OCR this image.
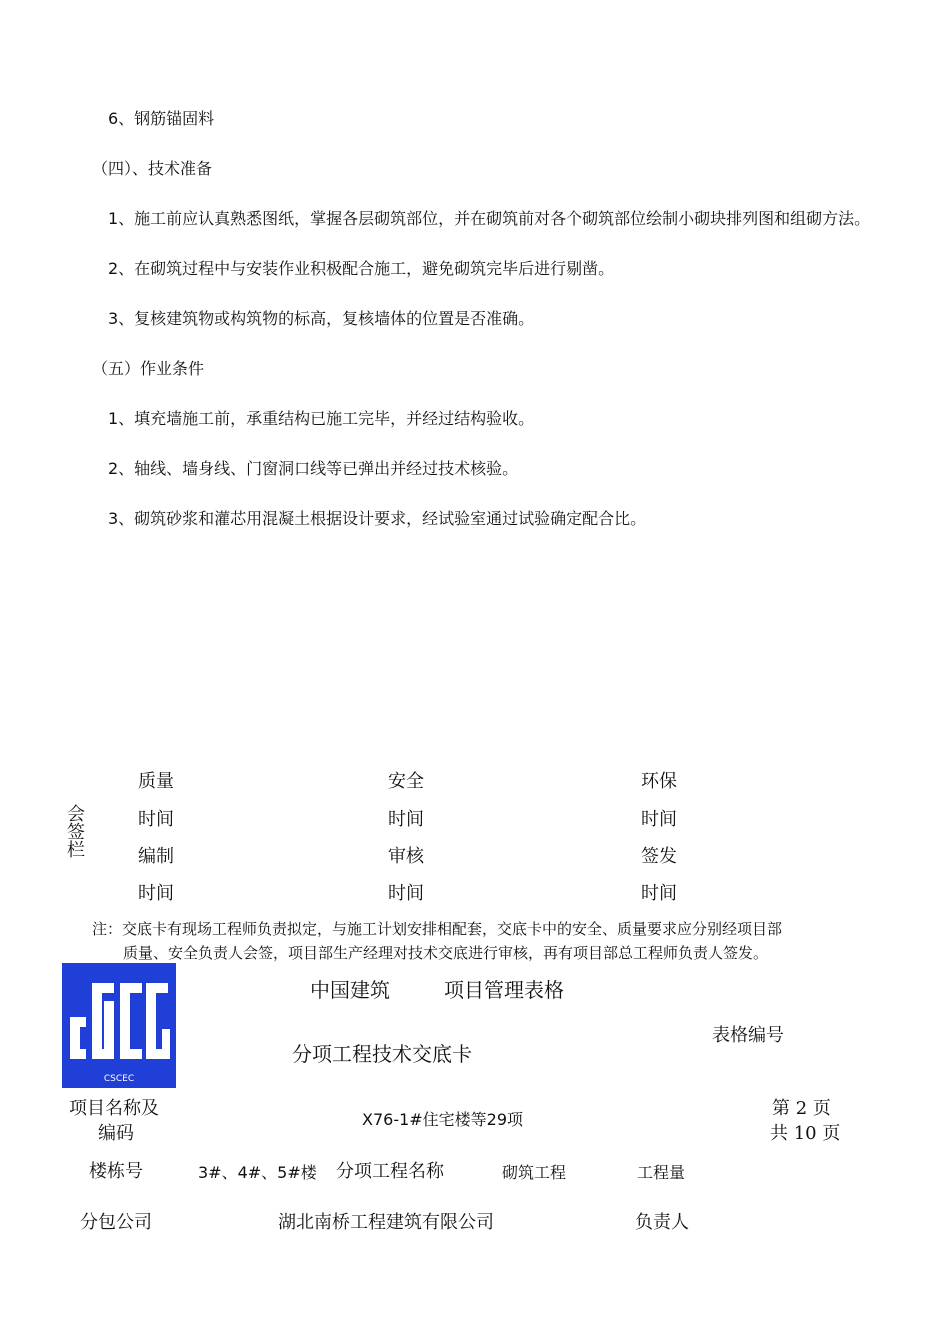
6、钢筋锚固料
（四）、技术准备
1、施工前应认真熟悉图纸，掌握各层砌筑部位，并在砌筑前对各个砌筑部位绘制小砌块排列图和组砌方法。
2、在砌筑过程中与安装作业积极配合施工，避免砌筑完毕后进行剔凿。
3、复核建筑物或构筑物的标高，复核墙体的位置是否准确。
（五）作业条件
1、填充墙施工前，承重结构已施工完毕，并经过结构验收。
2、轴线、墙身线、门窗洞口线等已弹出并经过技术核验。
3、砌筑砂浆和灌芯用混凝土根据设计要求，经试验室通过试验确定配合比。
会签栏
质量	安全	环保
时间	时间	时间
编制	审核	签发
时间	时间	时间
注：交底卡有现场工程师负责拟定，与施工计划安排相配套，交底卡中的安全、质量要求应分别经项目部
质量、安全负责人会签，项目部生产经理对技术交底进行审核，再有项目部总工程师负责人签发。
CSCEC
中国建筑	项目管理表格
分项工程技术交底卡
表格编号
项目名称及
编码
X76-1#住宅楼等29项
第 2 页
共 10 页
楼栋号	3#、4#、5#楼 分项工程名称	砌筑工程	工程量
分包公司	湖北南桥工程建筑有限公司	负责人
